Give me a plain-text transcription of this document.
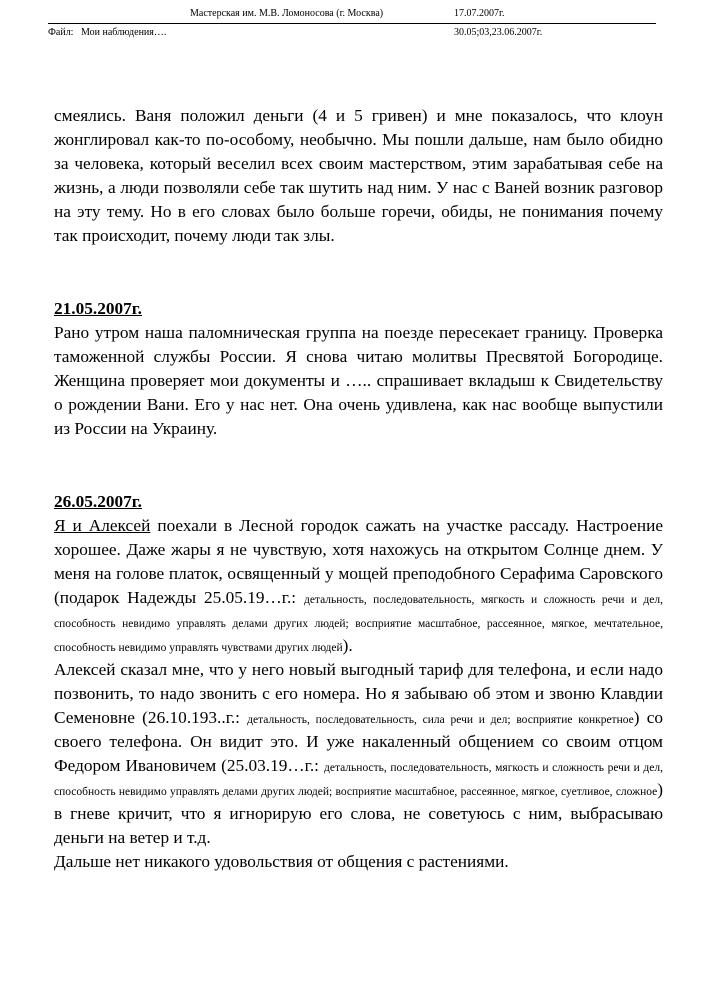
Мастерская им. М.В. Ломоносова (г. Москва)	17.07.2007г.
Файл: Мои наблюдения….	30.05;03,23.06.2007г.

смеялись. Ваня положил деньги (4 и 5 гривен) и мне показалось, что клоун жонглировал как-то по-особому, необычно. Мы пошли дальше, нам было обидно за человека, который веселил всех своим мастерством, этим зарабатывая себе на жизнь, а люди позволяли себе так шутить над ним. У нас с Ваней возник разговор на эту тему. Но в его словах было больше горечи, обиды, не понимания почему так происходит, почему люди так злы.

21.05.2007г.

Рано утром наша паломническая группа на поезде пересекает границу. Проверка таможенной службы России. Я снова читаю молитвы Пресвятой Богородице. Женщина проверяет мои документы и ….. спрашивает вкладыш к Свидетельству о рождении Вани. Его у нас нет. Она очень удивлена, как нас вообще выпустили из России на Украину.

26.05.2007г.

Я и Алексей поехали в Лесной городок сажать на участке рассаду. Настроение хорошее. Даже жары я не чувствую, хотя нахожусь на открытом Солнце днем. У меня на голове платок, освященный у мощей преподобного Серафима Саровского (подарок Надежды 25.05.19…г.: детальность, последовательность, мягкость и сложность речи и дел, способность невидимо управлять делами других людей; восприятие масштабное, рассеянное, мягкое, мечтательное, способность невидимо управлять чувствами других людей).

Алексей сказал мне, что у него новый выгодный тариф для телефона, и если надо позвонить, то надо звонить с его номера. Но я забываю об этом и звоню Клавдии Семеновне (26.10.193..г.: детальность, последовательность, сила речи и дел; восприятие конкретное) со своего телефона. Он видит это. И уже накаленный общением со своим отцом Федором Ивановичем (25.03.19…г.: детальность, последовательность, мягкость и сложность речи и дел, способность невидимо управлять делами других людей; восприятие масштабное, рассеянное, мягкое, суетливое, сложное) в гневе кричит, что я игнорирую его слова, не советуюсь с ним, выбрасываю деньги на ветер и т.д.

Дальше нет никакого удовольствия от общения с растениями.
